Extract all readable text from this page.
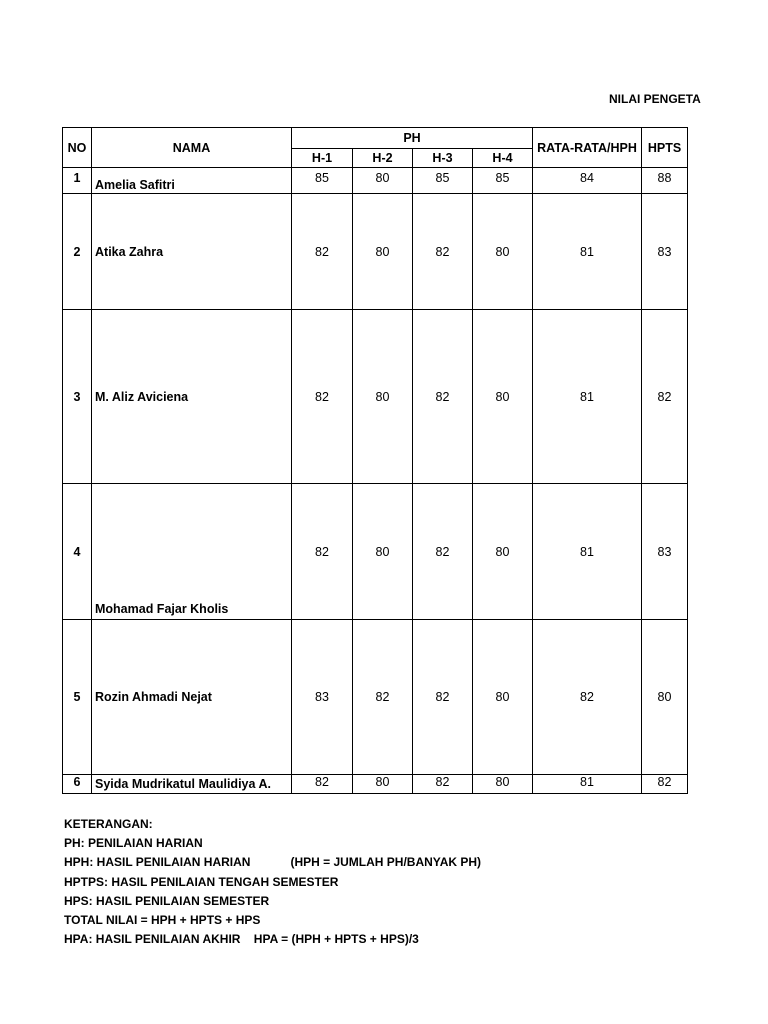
NILAI PENGETA
NO	NAMA	PH				RATA-RATA/HPH	HPTS
		H-1	H-2	H-3	H-4		
1	Amelia Safitri	85	80	85	85	84	88
2	Atika Zahra	82	80	82	80	81	83
3	M. Aliz Aviciena	82	80	82	80	81	82
4	Mohamad Fajar Kholis	82	80	82	80	81	83
5	Rozin Ahmadi Nejat	83	82	82	80	82	80
6	Syida Mudrikatul Maulidiya A.	82	80	82	80	81	82
KETERANGAN:
PH: PENILAIAN HARIAN
HPH: HASIL PENILAIAN HARIAN            (HPH = JUMLAH PH/BANYAK PH)
HPTPS: HASIL PENILAIAN TENGAH SEMESTER
HPS: HASIL PENILAIAN SEMESTER
TOTAL NILAI = HPH + HPTS + HPS
HPA: HASIL PENILAIAN AKHIR    HPA = (HPH + HPTS + HPS)/3
